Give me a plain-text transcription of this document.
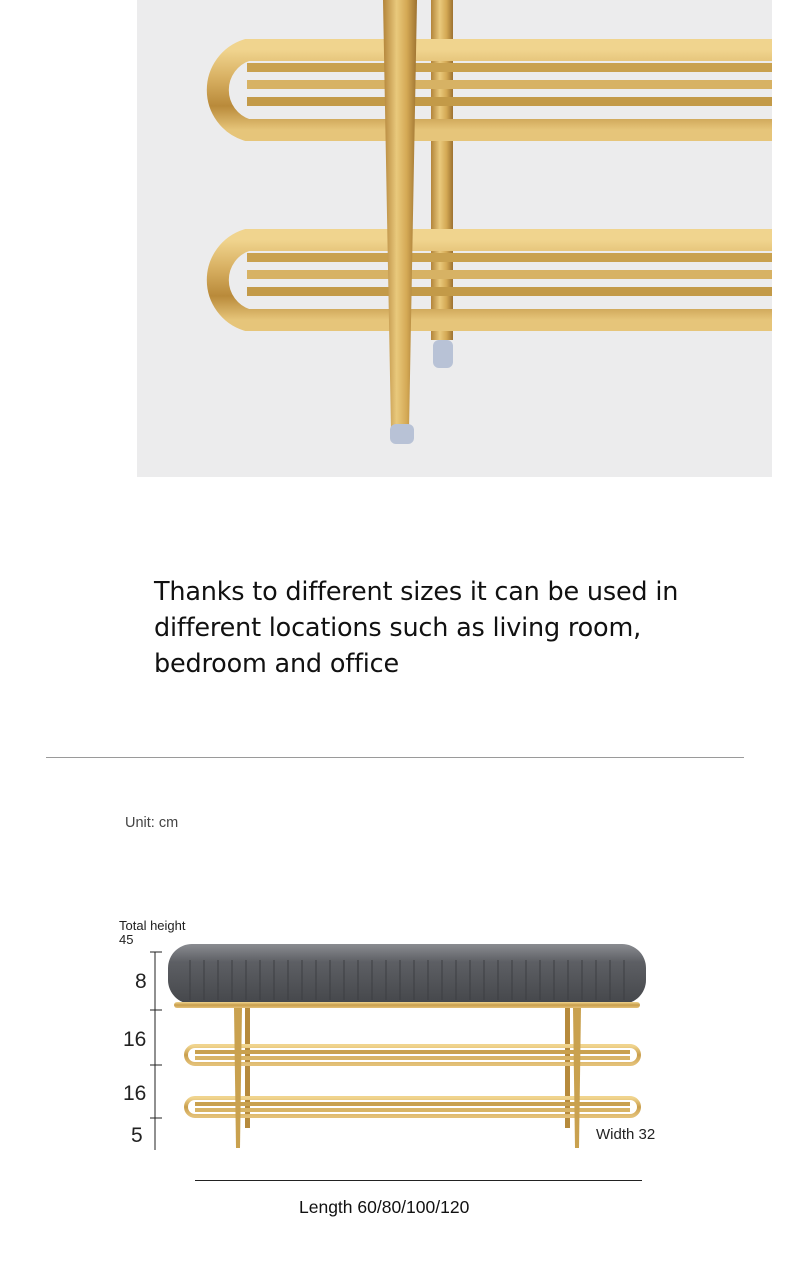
Thanks to different sizes it can be used in
different locations such as living room,
bedroom and office

Unit: cm
Total height
45
8
16
16
5	Width 32
Length 60/80/100/120
